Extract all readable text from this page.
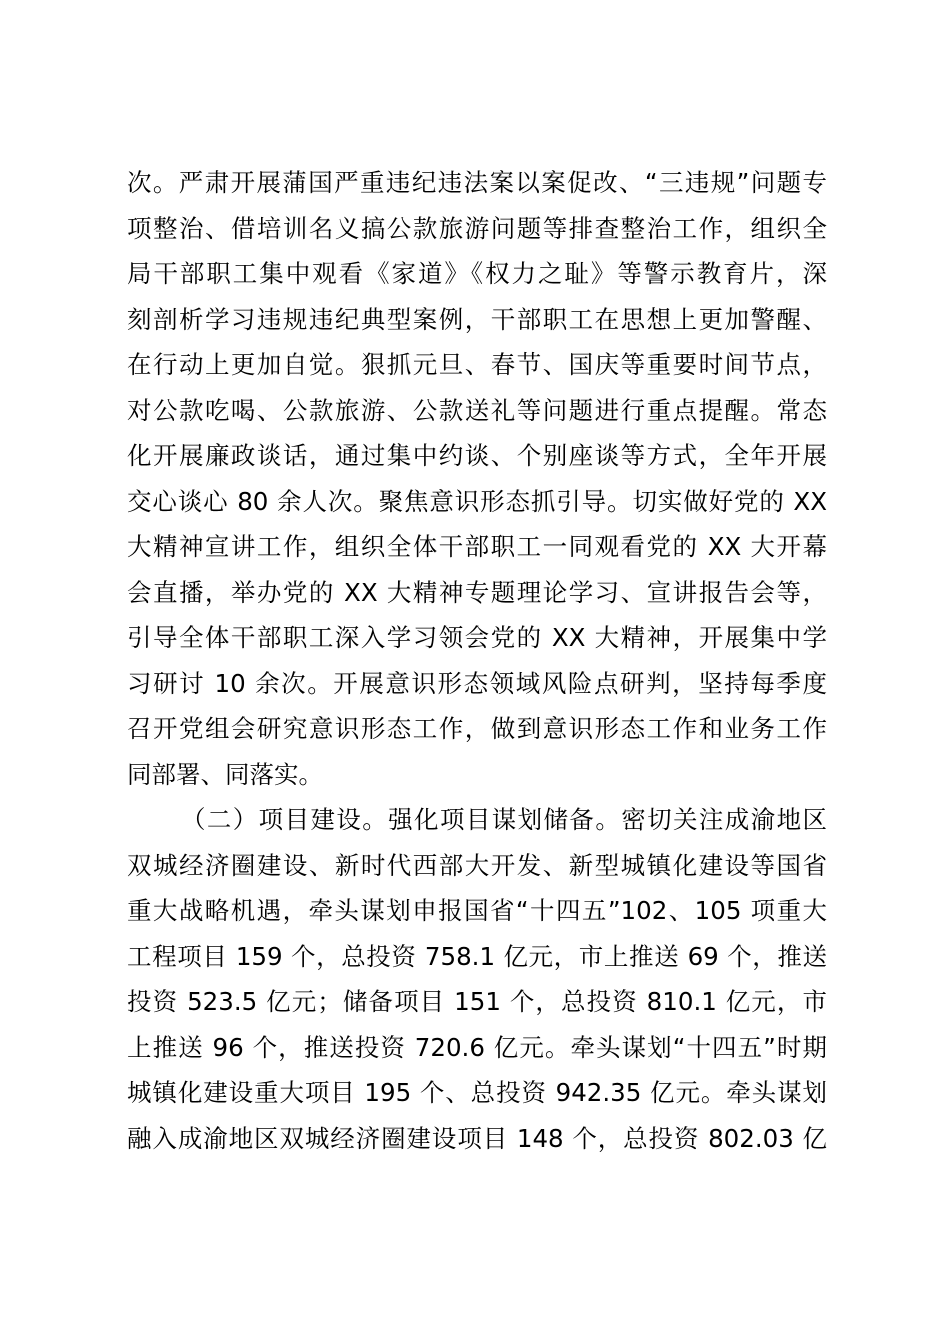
次。严肃开展蒲国严重违纪违法案以案促改、“三违规”问题专
项整治、借培训名义搞公款旅游问题等排查整治工作，组织全
局干部职工集中观看《家道》《权力之耻》等警示教育片，深
刻剖析学习违规违纪典型案例，干部职工在思想上更加警醒、
在行动上更加自觉。狠抓元旦、春节、国庆等重要时间节点，
对公款吃喝、公款旅游、公款送礼等问题进行重点提醒。常态
化开展廉政谈话，通过集中约谈、个别座谈等方式，全年开展
交心谈心 80 余人次。聚焦意识形态抓引导。切实做好党的 XX
大精神宣讲工作，组织全体干部职工一同观看党的 XX 大开幕
会直播，举办党的 XX 大精神专题理论学习、宣讲报告会等，
引导全体干部职工深入学习领会党的 XX 大精神，开展集中学
习研讨 10 余次。开展意识形态领域风险点研判，坚持每季度
召开党组会研究意识形态工作，做到意识形态工作和业务工作
同部署、同落实。
（二）项目建设。强化项目谋划储备。密切关注成渝地区
双城经济圈建设、新时代西部大开发、新型城镇化建设等国省
重大战略机遇，牵头谋划申报国省“十四五”102、105 项重大
工程项目 159 个，总投资 758.1 亿元，市上推送 69 个，推送
投资 523.5 亿元；储备项目 151 个，总投资 810.1 亿元，市
上推送 96 个，推送投资 720.6 亿元。牵头谋划“十四五”时期
城镇化建设重大项目 195 个、总投资 942.35 亿元。牵头谋划
融入成渝地区双城经济圈建设项目 148 个，总投资 802.03 亿
